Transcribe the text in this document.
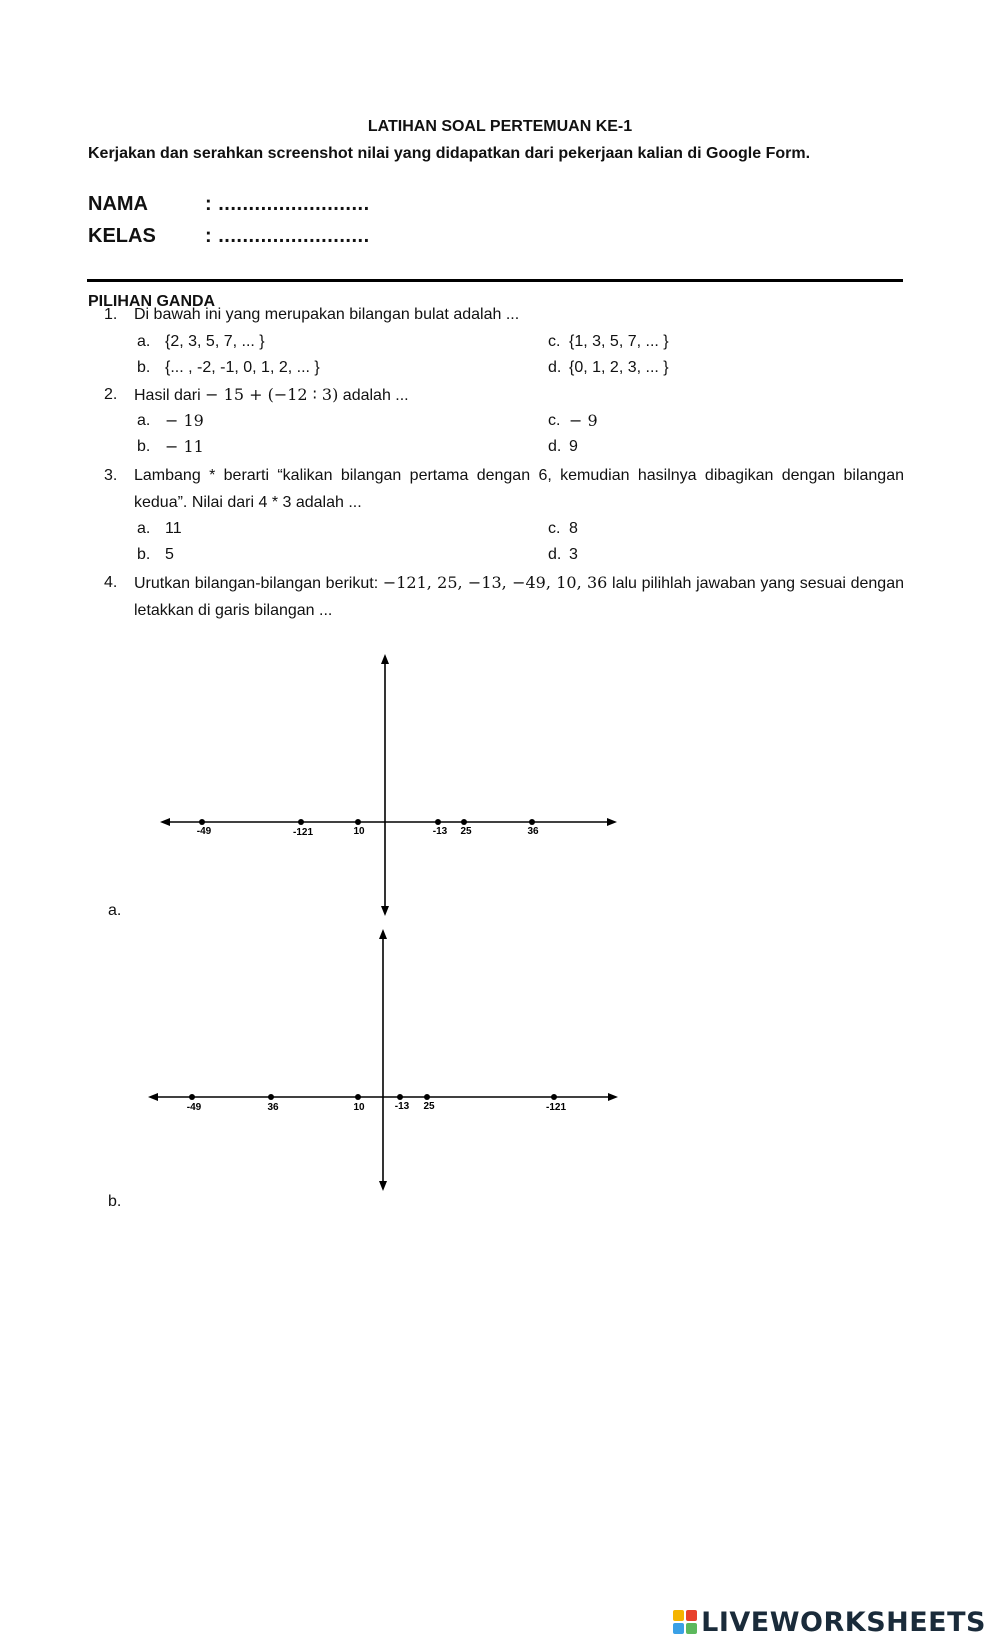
LATIHAN SOAL PERTEMUAN KE-1
Kerjakan dan serahkan screenshot nilai yang didapatkan dari pekerjaan kalian di Google Form.
NAMA	: .........................
KELAS : .........................
PILIHAN GANDA
1. Di bawah ini yang merupakan bilangan bulat adalah ...
a. {2, 3, 5, 7, ... }
b. {... , -2, -1, 0, 1, 2, ... }
c. {1, 3, 5, 7, ... }
d. {0, 1, 2, 3, ... }
2. Hasil dari − 15 + (−12 ∶ 3) adalah ...
a. − 19
b. − 11
c. − 9
d. 9
3. Lambang * berarti “kalikan bilangan pertama dengan 6, kemudian hasilnya dibagikan dengan bilangan kedua”. Nilai dari 4 * 3 adalah ...
a. 11
b. 5
c. 8
d. 3
4. Urutkan bilangan-bilangan berikut: −121, 25, −13, −49, 10, 36 lalu pilihlah jawaban yang sesuai dengan letakkan di garis bilangan ...
-49	-121	10	-13 25	36
a.
-49	36	10	-13 25	-121
b.
LIVEWORKSHEETS
